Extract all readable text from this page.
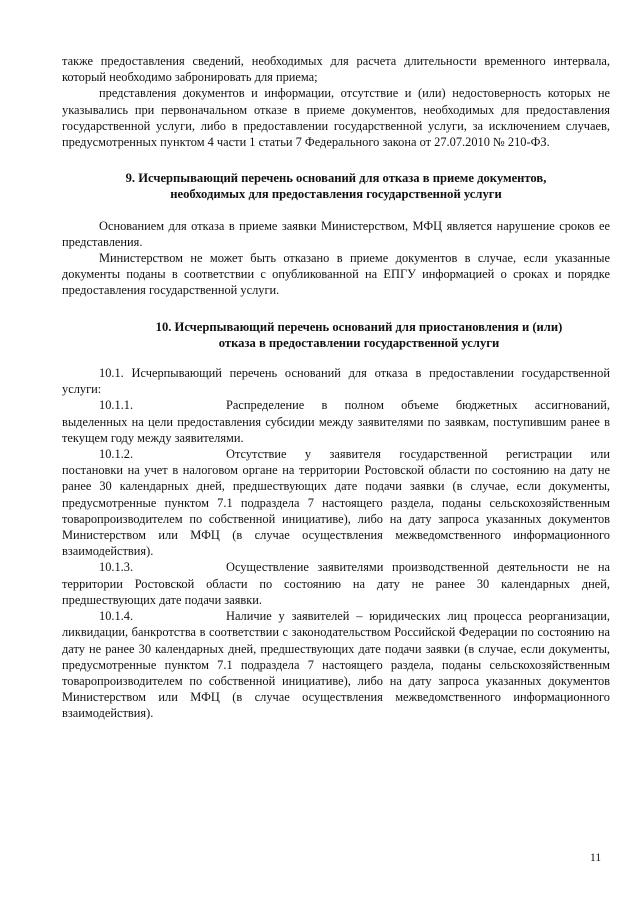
также предоставления сведений, необходимых для расчета длительности временного интервала, который необходимо забронировать для приема;

представления документов и информации, отсутствие и (или) недостоверность которых не указывались при первоначальном отказе в приеме документов, необходимых для предоставления государственной услуги, либо в предоставлении государственной услуги, за исключением случаев, предусмотренных пунктом 4 части 1 статьи 7 Федерального закона от 27.07.2010 № 210-ФЗ.

9. Исчерпывающий перечень оснований для отказа в приеме документов,
необходимых для предоставления государственной услуги

Основанием для отказа в приеме заявки Министерством, МФЦ является нарушение сроков ее представления.

Министерством не может быть отказано в приеме документов в случае, если указанные документы поданы в соответствии с опубликованной на ЕПГУ информацией о сроках и порядке предоставления государственной услуги.

10. Исчерпывающий перечень оснований для приостановления и (или)
отказа в предоставлении государственной услуги

10.1. Исчерпывающий перечень оснований для отказа в предоставлении государственной услуги:

10.1.1.	Распределение в полном объеме бюджетных ассигнований,

выделенных на цели предоставления субсидии между заявителями по заявкам, поступившим ранее в текущем году между заявителями.

10.1.2.	Отсутствие у заявителя государственной регистрации или

постановки на учет в налоговом органе на территории Ростовской области по состоянию на дату не ранее 30 календарных дней, предшествующих дате подачи заявки (в случае, если документы, предусмотренные пунктом 7.1 подраздела 7 настоящего раздела, поданы сельскохозяйственным товаропроизводителем по собственной инициативе), либо на дату запроса указанных документов Министерством или МФЦ (в случае осуществления межведомственного информационного взаимодействия).

10.1.3.	Осуществление заявителями производственной деятельности не на

территории Ростовской области по состоянию на дату не ранее 30 календарных дней, предшествующих дате подачи заявки.

10.1.4.	Наличие у заявителей – юридических лиц процесса реорганизации,

ликвидации, банкротства в соответствии с законодательством Российской Федерации по состоянию на дату не ранее 30 календарных дней, предшествующих дате подачи заявки (в случае, если документы, предусмотренные пунктом 7.1 подраздела 7 настоящего раздела, поданы сельскохозяйственным товаропроизводителем по собственной инициативе), либо на дату запроса указанных документов Министерством или МФЦ (в случае осуществления межведомственного информационного взаимодействия).

11
